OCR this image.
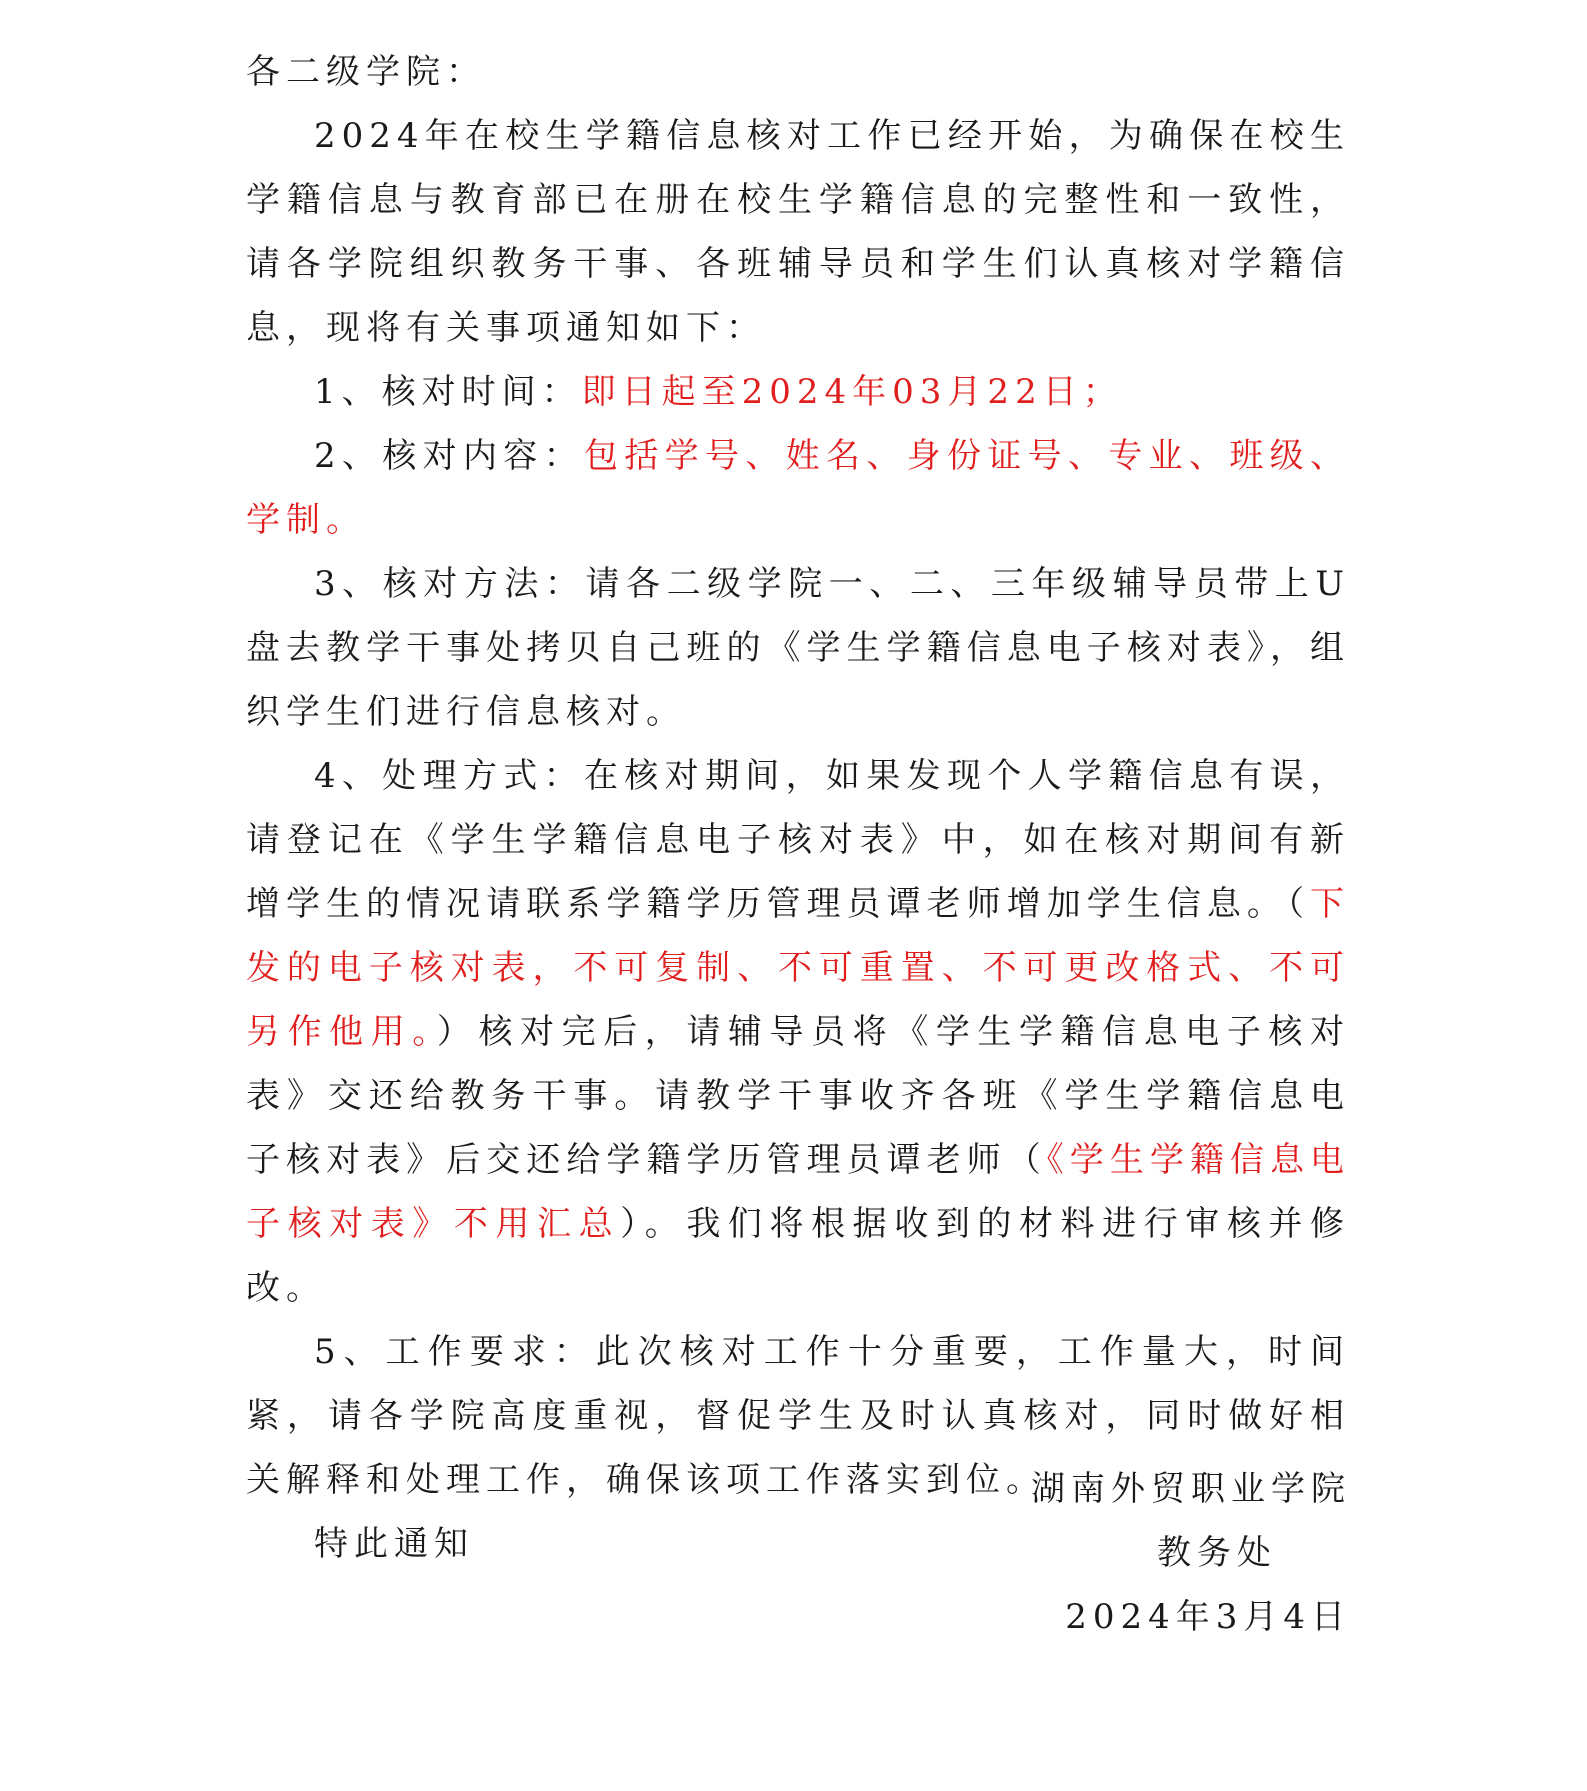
各二级学院：

2024年在校生学籍信息核对工作已经开始，为确保在校生学籍信息与教育部已在册在校生学籍信息的完整性和一致性，请各学院组织教务干事、各班辅导员和学生们认真核对学籍信息，现将有关事项通知如下：

1、核对时间：即日起至2024年03月22日；

2、核对内容：包括学号、姓名、身份证号、专业、班级、学制。

3、核对方法：请各二级学院一、二、三年级辅导员带上U盘去教学干事处拷贝自己班的《学生学籍信息电子核对表》，组织学生们进行信息核对。

4、处理方式：在核对期间，如果发现个人学籍信息有误，请登记在《学生学籍信息电子核对表》中，如在核对期间有新增学生的情况请联系学籍学历管理员谭老师增加学生信息。（下发的电子核对表，不可复制、不可重置、不可更改格式、不可另作他用。）核对完后，请辅导员将《学生学籍信息电子核对表》交还给教务干事。请教学干事收齐各班《学生学籍信息电子核对表》后交还给学籍学历管理员谭老师（《学生学籍信息电子核对表》不用汇总）。我们将根据收到的材料进行审核并修改。

5、工作要求：此次核对工作十分重要，工作量大，时间紧，请各学院高度重视，督促学生及时认真核对，同时做好相关解释和处理工作，确保该项工作落实到位。

特此通知

湖南外贸职业学院

教务处

2024年3月4日
